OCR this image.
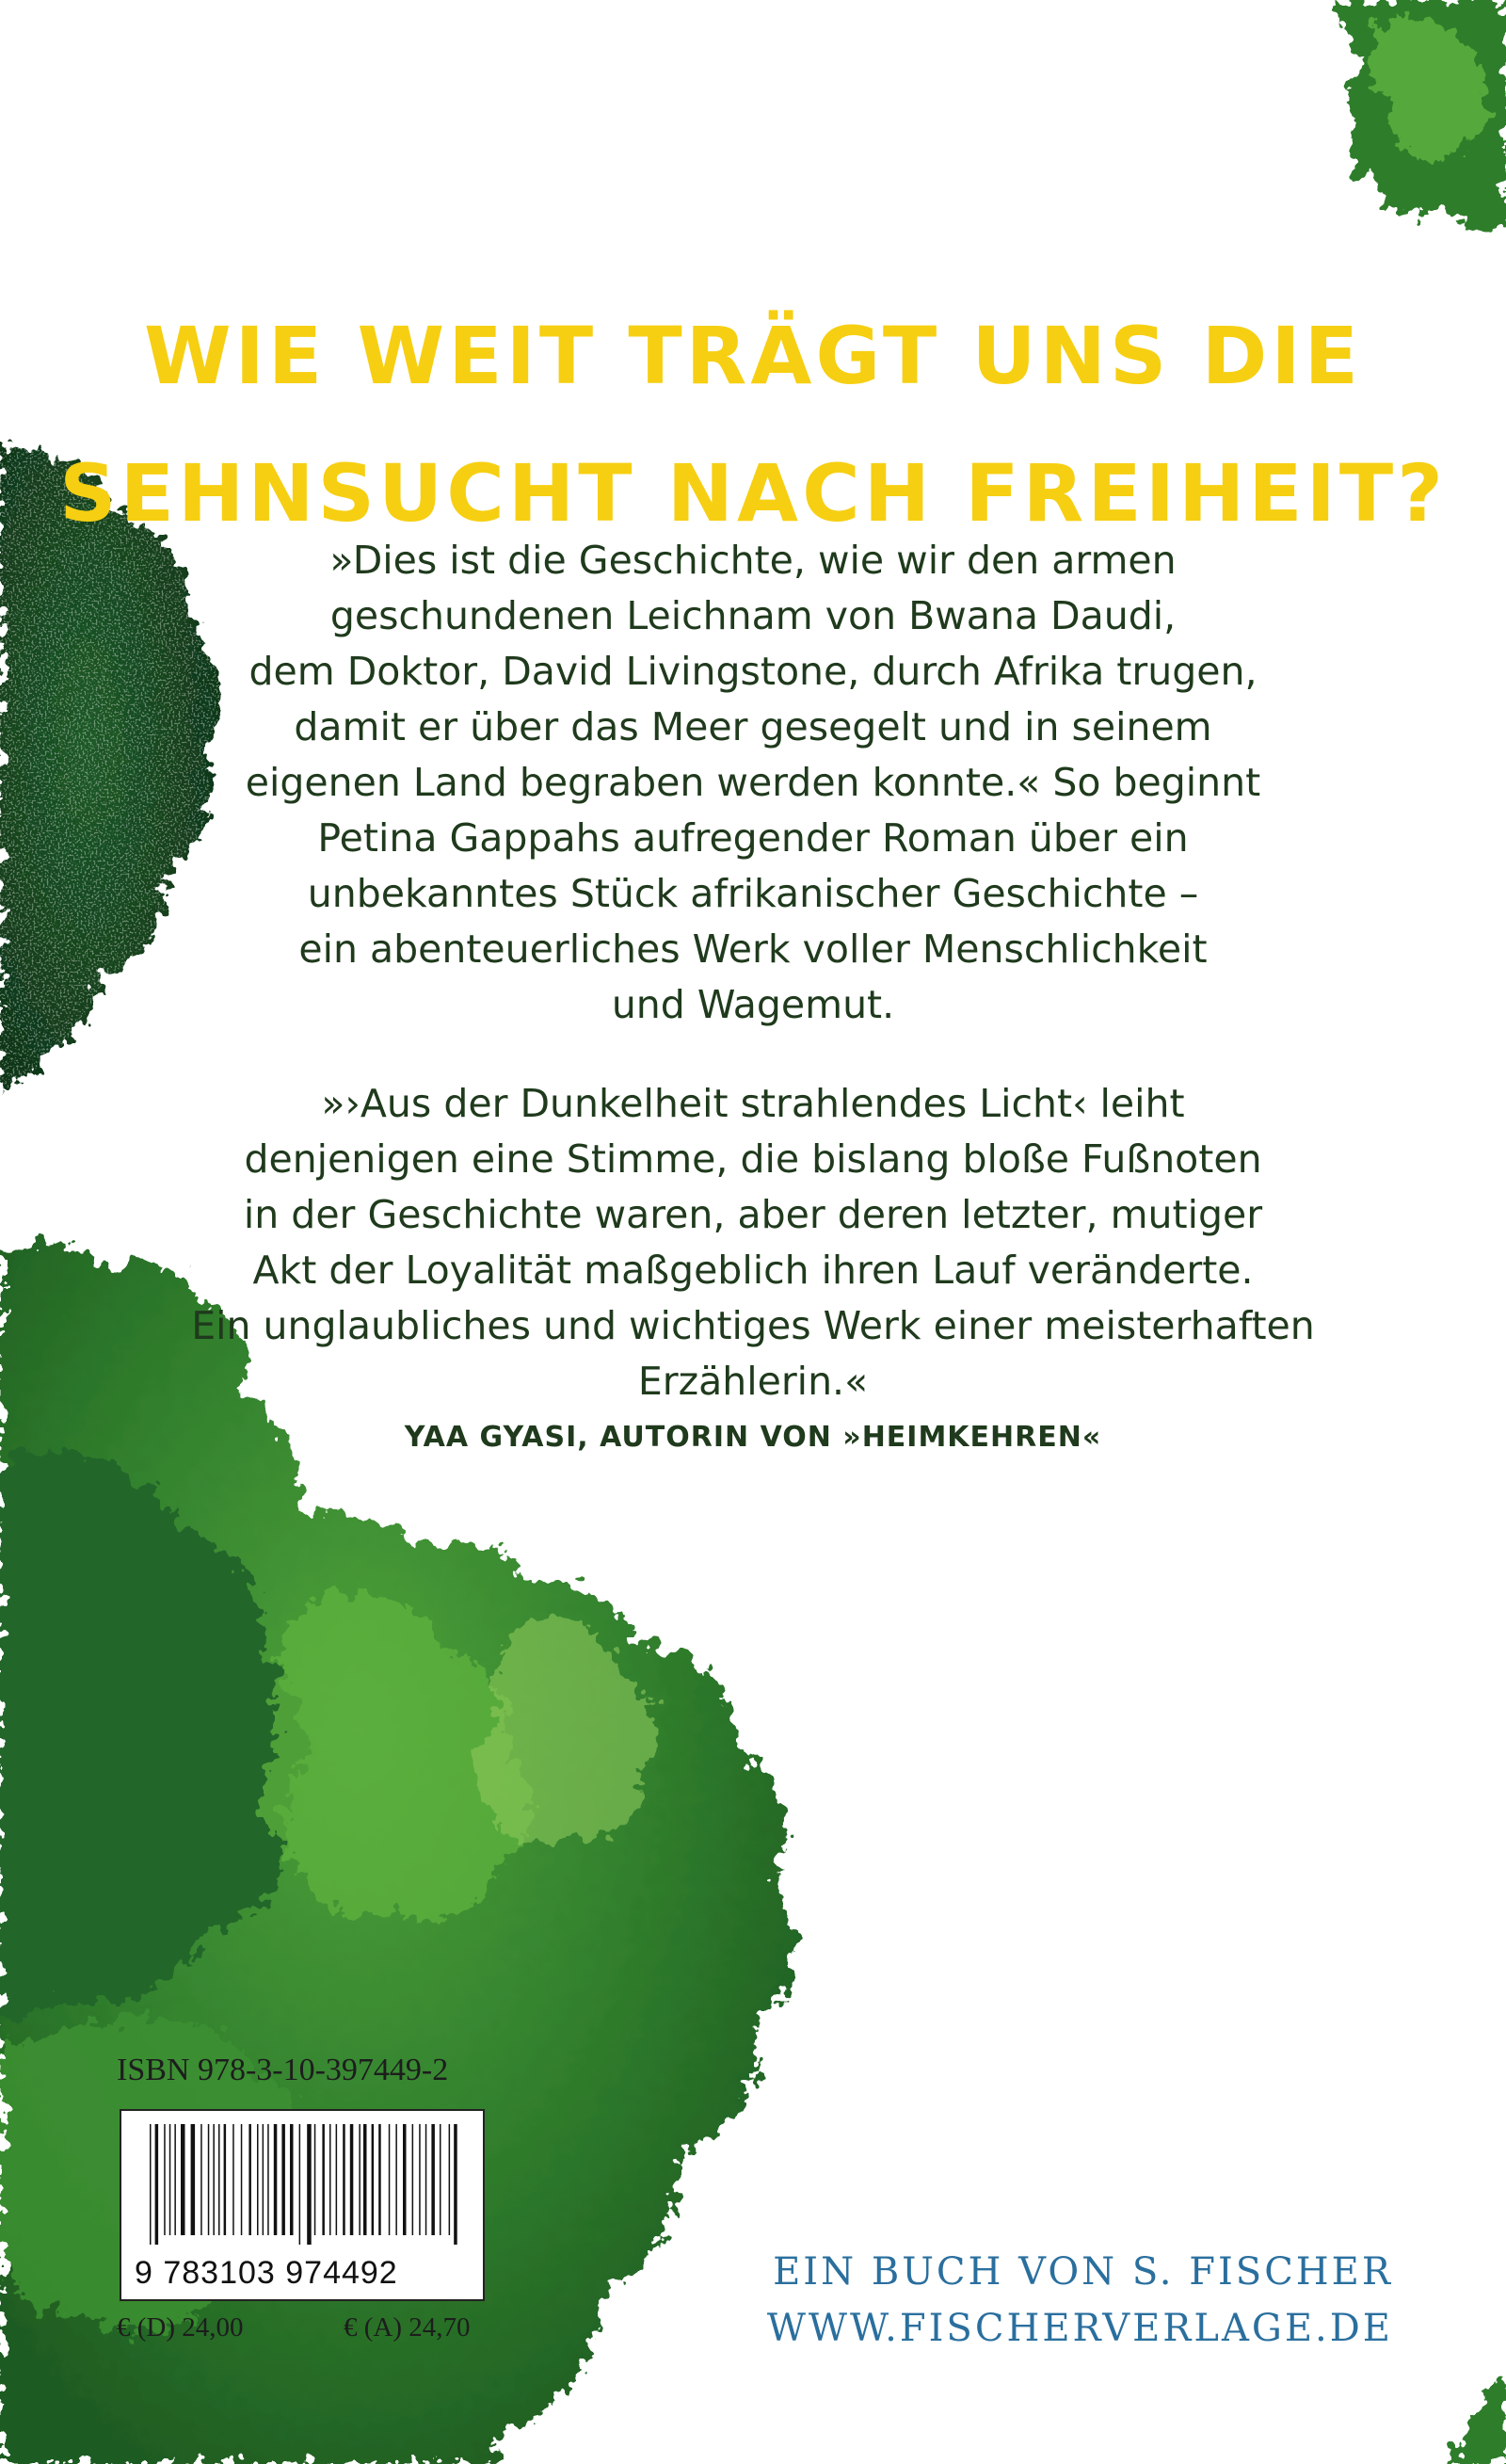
WIE WEIT TRÄGT UNS DIE
SEHNSUCHT NACH FREIHEIT?

»Dies ist die Geschichte, wie wir den armen
geschundenen Leichnam von Bwana Daudi,
dem Doktor, David Livingstone, durch Afrika trugen,
damit er über das Meer gesegelt und in seinem
eigenen Land begraben werden konnte.« So beginnt
Petina Gappahs aufregender Roman über ein
unbekanntes Stück afrikanischer Geschichte –
ein abenteuerliches Werk voller Menschlichkeit
und Wagemut.

»›Aus der Dunkelheit strahlendes Licht‹ leiht
denjenigen eine Stimme, die bislang bloße Fußnoten
in der Geschichte waren, aber deren letzter, mutiger
Akt der Loyalität maßgeblich ihren Lauf veränderte.
Ein unglaubliches und wichtiges Werk einer meisterhaften
Erzählerin.«
YAA GYASI, AUTORIN VON »HEIMKEHREN«

ISBN 978-3-10-397449-2

9 783103 974492

€ (D) 24,00	€ (A) 24,70

EIN BUCH VON S. FISCHER

WWW.FISCHERVERLAGE.DE
